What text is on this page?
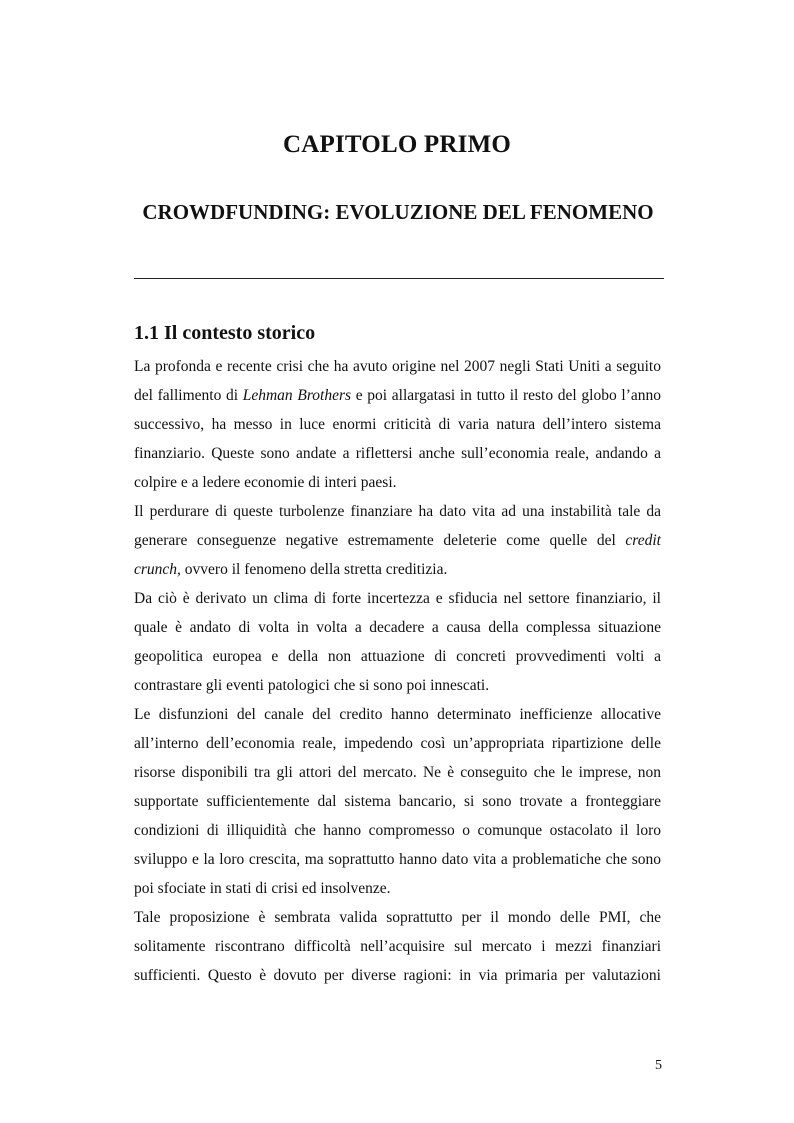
CAPITOLO PRIMO
CROWDFUNDING: EVOLUZIONE DEL FENOMENO
1.1 Il contesto storico

La profonda e recente crisi che ha avuto origine nel 2007 negli Stati Uniti a seguito del fallimento di Lehman Brothers e poi allargatasi in tutto il resto del globo l’anno successivo, ha messo in luce enormi criticità di varia natura dell’intero sistema finanziario. Queste sono andate a riflettersi anche sull’economia reale, andando a colpire e a ledere economie di interi paesi.

Il perdurare di queste turbolenze finanziare ha dato vita ad una instabilità tale da generare conseguenze negative estremamente deleterie come quelle del credit crunch, ovvero il fenomeno della stretta creditizia.

Da ciò è derivato un clima di forte incertezza e sfiducia nel settore finanziario, il quale è andato di volta in volta a decadere a causa della complessa situazione geopolitica europea e della non attuazione di concreti provvedimenti volti a contrastare gli eventi patologici che si sono poi innescati.

Le disfunzioni del canale del credito hanno determinato inefficienze allocative all’interno dell’economia reale, impedendo così un’appropriata ripartizione delle risorse disponibili tra gli attori del mercato. Ne è conseguito che le imprese, non supportate sufficientemente dal sistema bancario, si sono trovate a fronteggiare condizioni di illiquidità che hanno compromesso o comunque ostacolato il loro sviluppo e la loro crescita, ma soprattutto hanno dato vita a problematiche che sono poi sfociate in stati di crisi ed insolvenze.

Tale proposizione è sembrata valida soprattutto per il mondo delle PMI, che solitamente riscontrano difficoltà nell’acquisire sul mercato i mezzi finanziari sufficienti. Questo è dovuto per diverse ragioni: in via primaria per valutazioni

5
